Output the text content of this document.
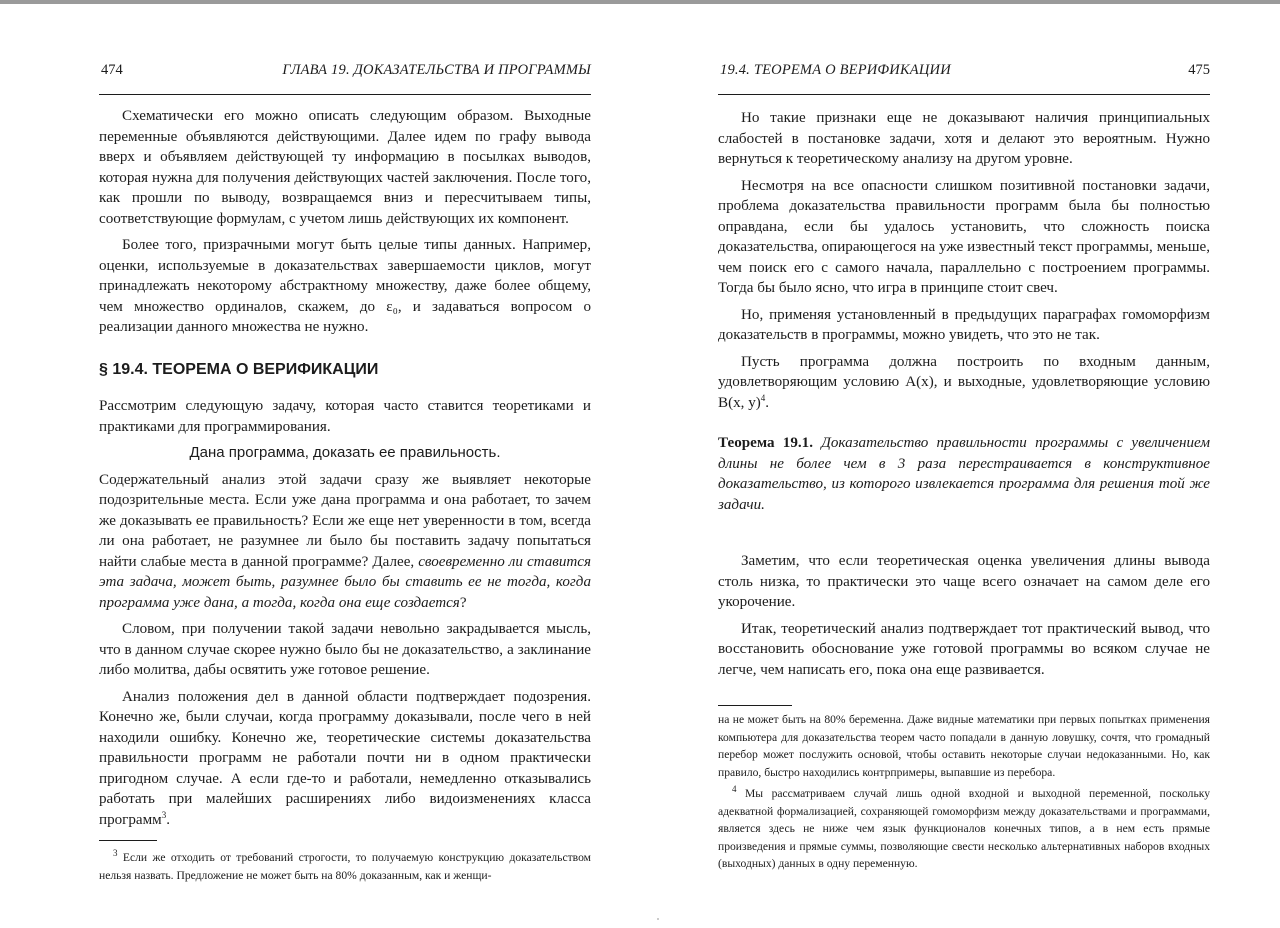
474	ГЛАВА 19. ДОКАЗАТЕЛЬСТВА И ПРОГРАММЫ

Схематически его можно описать следующим образом. Выходные переменные объявляются действующими. Далее идем по графу вывода вверх и объявляем действующей ту информацию в посылках выводов, которая нужна для получения действующих частей заключения. После того, как прошли по выводу, возвращаемся вниз и пересчитываем типы, соответствующие формулам, с учетом лишь действующих их компонент.

Более того, призрачными могут быть целые типы данных. Например, оценки, используемые в доказательствах завершаемости циклов, могут принадлежать некоторому абстрактному множеству, даже более общему, чем множество ординалов, скажем, до ε₀, и задаваться вопросом о реализации данного множества не нужно.

§ 19.4. ТЕОРЕМА О ВЕРИФИКАЦИИ

Рассмотрим следующую задачу, которая часто ставится теоретиками и практиками для программирования.

Дана программа, доказать ее правильность.

Содержательный анализ этой задачи сразу же выявляет некоторые подозрительные места. Если уже дана программа и она работает, то зачем же доказывать ее правильность? Если же еще нет уверенности в том, всегда ли она работает, не разумнее ли было бы поставить задачу попытаться найти слабые места в данной программе? Далее, своевременно ли ставится эта задача, может быть, разумнее было бы ставить ее не тогда, когда программа уже дана, а тогда, когда она еще создается?

Словом, при получении такой задачи невольно закрадывается мысль, что в данном случае скорее нужно было бы не доказательство, а заклинание либо молитва, дабы освятить уже готовое решение.

Анализ положения дел в данной области подтверждает подозрения. Конечно же, были случаи, когда программу доказывали, после чего в ней находили ошибку. Конечно же, теоретические системы доказательства правильности программ не работали почти ни в одном практически пригодном случае. А если где-то и работали, немедленно отказывались работать при малейших расширениях либо видоизменениях класса программ$^3$.

$^3$ Если же отходить от требований строгости, то получаемую конструкцию доказательством нельзя назвать. Предложение не может быть на 80% доказанным, как и женщи-

19.4. ТЕОРЕМА О ВЕРИФИКАЦИИ	475

Но такие признаки еще не доказывают наличия принципиальных слабостей в постановке задачи, хотя и делают это вероятным. Нужно вернуться к теоретическому анализу на другом уровне.

Несмотря на все опасности слишком позитивной постановки задачи, проблема доказательства правильности программ была бы полностью оправдана, если бы удалось установить, что сложность поиска доказательства, опирающегося на уже известный текст программы, меньше, чем поиск его с самого начала, параллельно с построением программы. Тогда бы было ясно, что игра в принципе стоит свеч.

Но, применяя установленный в предыдущих параграфах гомоморфизм доказательств в программы, можно увидеть, что это не так.

Пусть программа должна построить по входным данным, удовлетворяющим условию A(x), и выходные, удовлетворяющие условию B(x, y)$^4$.

Теорема 19.1. Доказательство правильности программы с увеличением длины не более чем в 3 раза перестраивается в конструктивное доказательство, из которого извлекается программа для решения той же задачи.

Заметим, что если теоретическая оценка увеличения длины вывода столь низка, то практически это чаще всего означает на самом деле его укорочение.

Итак, теоретический анализ подтверждает тот практический вывод, что восстановить обоснование уже готовой программы во всяком случае не легче, чем написать его, пока она еще развивается.

на не может быть на 80% беременна. Даже видные математики при первых попытках применения компьютера для доказательства теорем часто попадали в данную ловушку, сочтя, что громадный перебор может послужить основой, чтобы оставить некоторые случаи недоказанными. Но, как правило, быстро находились контрпримеры, выпавшие из перебора.

$^4$ Мы рассматриваем случай лишь одной входной и выходной переменной, поскольку адекватной формализацией, сохраняющей гомоморфизм между доказательствами и программами, является здесь не ниже чем язык функционалов конечных типов, а в нем есть прямые произведения и прямые суммы, позволяющие свести несколько альтернативных наборов входных (выходных) данных в одну переменную.
